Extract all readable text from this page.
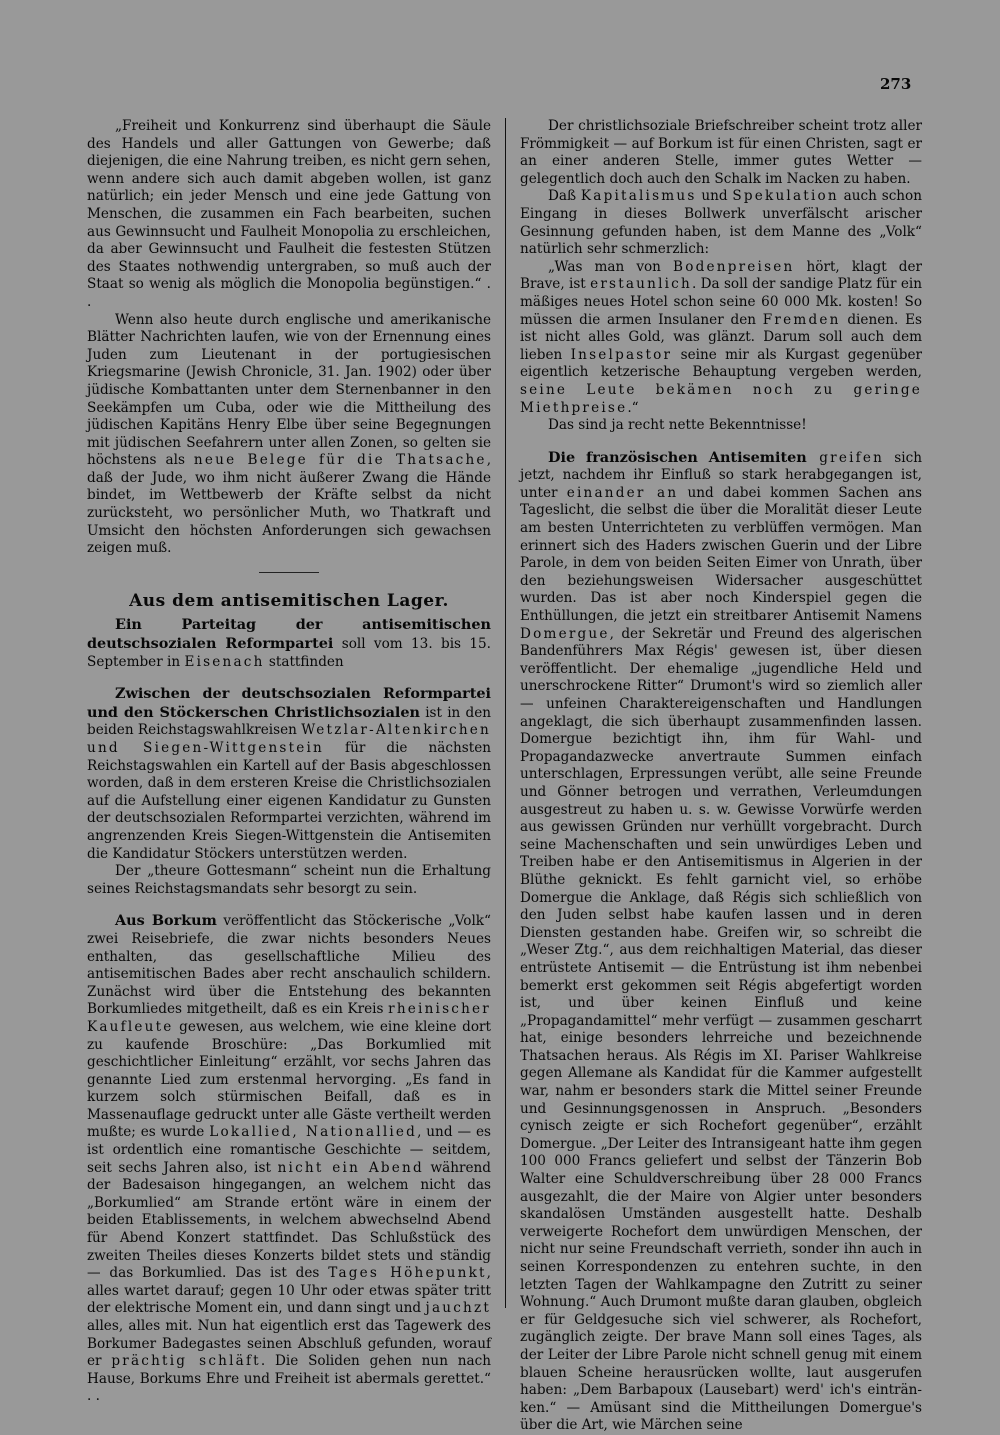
273

„Freiheit und Konkurrenz sind überhaupt die Säule des Handels und aller Gattungen von Gewerbe; daß diejenigen, die eine Nahrung treiben, es nicht gern sehen, wenn andere sich auch damit abgeben wollen, ist ganz natürlich; ein jeder Mensch und eine jede Gattung von Menschen, die zusammen ein Fach bearbeiten, suchen aus Gewinnsucht und Faulheit Monopolia zu erschleichen, da aber Gewinnsucht und Faulheit die festesten Stützen des Staates nothwendig untergraben, so muß auch der Staat so wenig als möglich die Monopolia begünstigen.“ . .

Wenn also heute durch englische und amerikanische Blätter Nachrichten laufen, wie von der Ernennung eines Juden zum Lieutenant in der portugiesischen Kriegsmarine (Jewish Chronicle, 31. Jan. 1902) oder über jüdische Kombattanten unter dem Sternenbanner in den Seekämpfen um Cuba, oder wie die Mittheilung des jüdischen Kapitäns Henry Elbe über seine Begegnungen mit jüdischen Seefahrern unter allen Zonen, so gelten sie höchstens als neue Belege für die Thatsache, daß der Jude, wo ihm nicht äußerer Zwang die Hände bindet, im Wettbewerb der Kräfte selbst da nicht zurücksteht, wo persönlicher Muth, wo Thatkraft und Umsicht den höchsten Anforderungen sich gewachsen zeigen muß.

Aus dem antisemitischen Lager.

Ein Parteitag der antisemitischen deutschsozialen Reformpartei soll vom 13. bis 15. September in Eisenach stattfinden

Zwischen der deutschsozialen Reformpartei und den Stöckerschen Christlichsozialen ist in den beiden Reichstagswahlkreisen Wetzlar-Altenkirchen und Siegen-Wittgenstein für die nächsten Reichstagswahlen ein Kartell auf der Basis abgeschlossen worden, daß in dem ersteren Kreise die Christlichsozialen auf die Aufstellung einer eigenen Kandidatur zu Gunsten der deutschsozialen Reformpartei verzichten, während im angrenzenden Kreis Siegen-Wittgenstein die Antisemiten die Kandidatur Stöckers unterstützen werden.

Der „theure Gottesmann“ scheint nun die Erhaltung seines Reichstagsmandats sehr besorgt zu sein.

Aus Borkum veröffentlicht das Stöckerische „Volk“ zwei Reisebriefe, die zwar nichts besonders Neues enthalten, das gesellschaftliche Milieu des antisemitischen Bades aber recht anschaulich schildern. Zunächst wird über die Entstehung des bekannten Borkumliedes mitgetheilt, daß es ein Kreis rheinischer Kaufleute gewesen, aus welchem, wie eine kleine dort zu kaufende Broschüre: „Das Borkumlied mit geschichtlicher Einleitung“ erzählt, vor sechs Jahren das genannte Lied zum erstenmal hervorging. „Es fand in kurzem solch stürmischen Beifall, daß es in Massenauflage gedruckt unter alle Gäste vertheilt werden mußte; es wurde Lokallied, Nationallied, und — es ist ordentlich eine romantische Geschichte — seitdem, seit sechs Jahren also, ist nicht ein Abend während der Badesaison hingegangen, an welchem nicht das „Borkumlied“ am Strande ertönt wäre in einem der beiden Etablissements, in welchem abwechselnd Abend für Abend Konzert stattfindet. Das Schlußstück des zweiten Theiles dieses Konzerts bildet stets und ständig — das Borkumlied. Das ist des Tages Höhepunkt, alles wartet darauf; gegen 10 Uhr oder etwas später tritt der elektrische Moment ein, und dann singt und jauchzt alles, alles mit. Nun hat eigentlich erst das Tagewerk des Borkumer Badegastes seinen Abschluß gefunden, worauf er prächtig schläft. Die Soliden gehen nun nach Hause, Borkums Ehre und Freiheit ist abermals gerettet.“ . .

Der christlichsoziale Briefschreiber scheint trotz aller Frömmigkeit — auf Borkum ist für einen Christen, sagt er an einer anderen Stelle, immer gutes Wetter — gelegentlich doch auch den Schalk im Nacken zu haben.

Daß Kapitalismus und Spekulation auch schon Eingang in dieses Bollwerk unverfälscht arischer Gesinnung gefunden haben, ist dem Manne des „Volk“ natürlich sehr schmerzlich:

„Was man von Bodenpreisen hört, klagt der Brave, ist erstaunlich. Da soll der sandige Platz für ein mäßiges neues Hotel schon seine 60 000 Mk. kosten! So müssen die armen Insulaner den Fremden dienen. Es ist nicht alles Gold, was glänzt. Darum soll auch dem lieben Inselpastor seine mir als Kurgast gegenüber eigentlich ketzerische Behauptung vergeben werden, seine Leute bekämen noch zu geringe Miethpreise.“

Das sind ja recht nette Bekenntnisse!

Die französischen Antisemiten greifen sich jetzt, nachdem ihr Einfluß so stark herabgegangen ist, unter einander an und dabei kommen Sachen ans Tageslicht, die selbst die über die Moralität dieser Leute am besten Unterrichteten zu verblüffen vermögen. Man erinnert sich des Haders zwischen Guerin und der Libre Parole, in dem von beiden Seiten Eimer von Unrath, über den beziehungsweisen Widersacher ausgeschüttet wurden. Das ist aber noch Kinderspiel gegen die Enthüllungen, die jetzt ein streitbarer Antisemit Namens Domergue, der Sekretär und Freund des algerischen Bandenführers Max Régis' gewesen ist, über diesen veröffentlicht. Der ehemalige „jugendliche Held und unerschrockene Ritter“ Drumont's wird so ziemlich aller — unfeinen Charaktereigenschaften und Handlungen angeklagt, die sich überhaupt zusammenfinden lassen. Domergue bezichtigt ihn, ihm für Wahl- und Propagandazwecke anvertraute Summen einfach unterschlagen, Erpressungen verübt, alle seine Freunde und Gönner betrogen und verrathen, Verleumdungen ausgestreut zu haben u. s. w. Gewisse Vorwürfe werden aus gewissen Gründen nur verhüllt vorgebracht. Durch seine Machenschaften und sein unwürdiges Leben und Treiben habe er den Antisemitismus in Algerien in der Blüthe geknickt. Es fehlt garnicht viel, so erhöbe Domergue die Anklage, daß Régis sich schließlich von den Juden selbst habe kaufen lassen und in deren Diensten gestanden habe. Greifen wir, so schreibt die „Weser Ztg.“, aus dem reichhaltigen Material, das dieser entrüstete Antisemit — die Entrüstung ist ihm nebenbei bemerkt erst gekommen seit Régis abgefertigt worden ist, und über keinen Einfluß und keine „Propagandamittel“ mehr verfügt — zusammen gescharrt hat, einige besonders lehrreiche und bezeichnende Thatsachen heraus. Als Régis im XI. Pariser Wahlkreise gegen Allemane als Kandidat für die Kammer aufgestellt war, nahm er besonders stark die Mittel seiner Freunde und Gesinnungsgenossen in Anspruch. „Besonders cynisch zeigte er sich Rochefort gegenüber“, erzählt Domergue. „Der Leiter des Intransigeant hatte ihm gegen 100 000 Francs geliefert und selbst der Tänzerin Bob Walter eine Schuldverschreibung über 28 000 Francs ausgezahlt, die der Maire von Algier unter besonders skandalösen Umständen ausgestellt hatte. Deshalb verweigerte Rochefort dem unwürdigen Menschen, der nicht nur seine Freundschaft verrieth, sonder ihn auch in seinen Korrespondenzen zu entehren suchte, in den letzten Tagen der Wahlkampagne den Zutritt zu seiner Wohnung.“ Auch Drumont mußte daran glauben, obgleich er für Geldgesuche sich viel schwerer, als Rochefort, zugänglich zeigte. Der brave Mann soll eines Tages, als der Leiter der Libre Parole nicht schnell genug mit einem blauen Scheine herausrücken wollte, laut ausgerufen haben: „Dem Barbapoux (Lausebart) werd' ich's eintränken.“ — Amüsant sind die Mittheilungen Domergue's über die Art, wie Märchen seine
